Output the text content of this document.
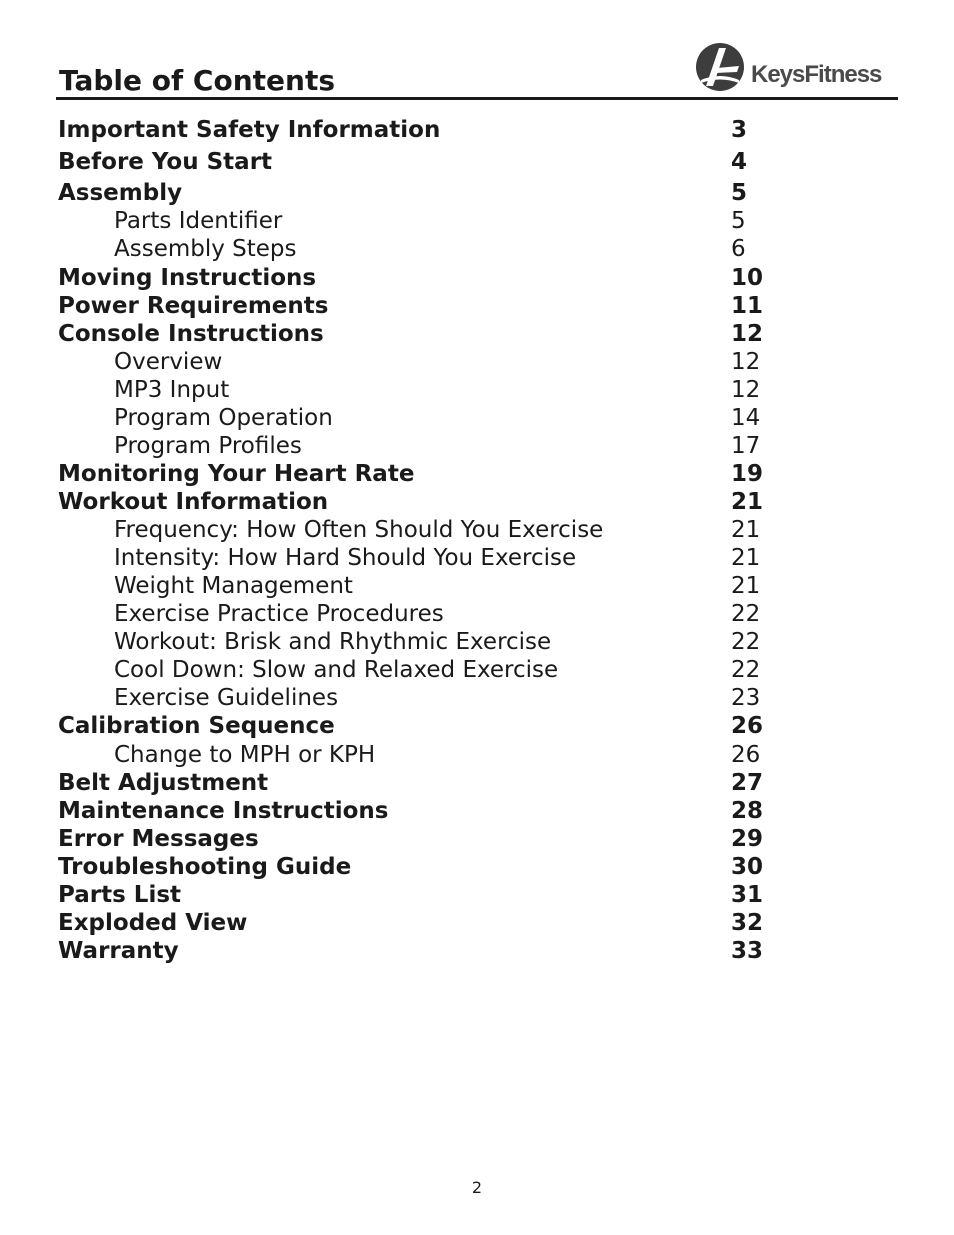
Table of Contents	KeysFitness
Important Safety Information	3
Before You Start	4
Assembly	5
Parts Identifier	5
Assembly Steps	6
Moving Instructions	10
Power Requirements	11
Console Instructions	12
Overview	12
MP3 Input	12
Program Operation	14
Program Profiles	17
Monitoring Your Heart Rate	19
Workout Information	21
Frequency: How Often Should You Exercise	21
Intensity: How Hard Should You Exercise	21
Weight Management	21
Exercise Practice Procedures	22
Workout: Brisk and Rhythmic Exercise	22
Cool Down: Slow and Relaxed Exercise	22
Exercise Guidelines	23
Calibration Sequence	26
Change to MPH or KPH	26
Belt Adjustment	27
Maintenance Instructions	28
Error Messages	29
Troubleshooting Guide	30
Parts List	31
Exploded View	32
Warranty	33
2
